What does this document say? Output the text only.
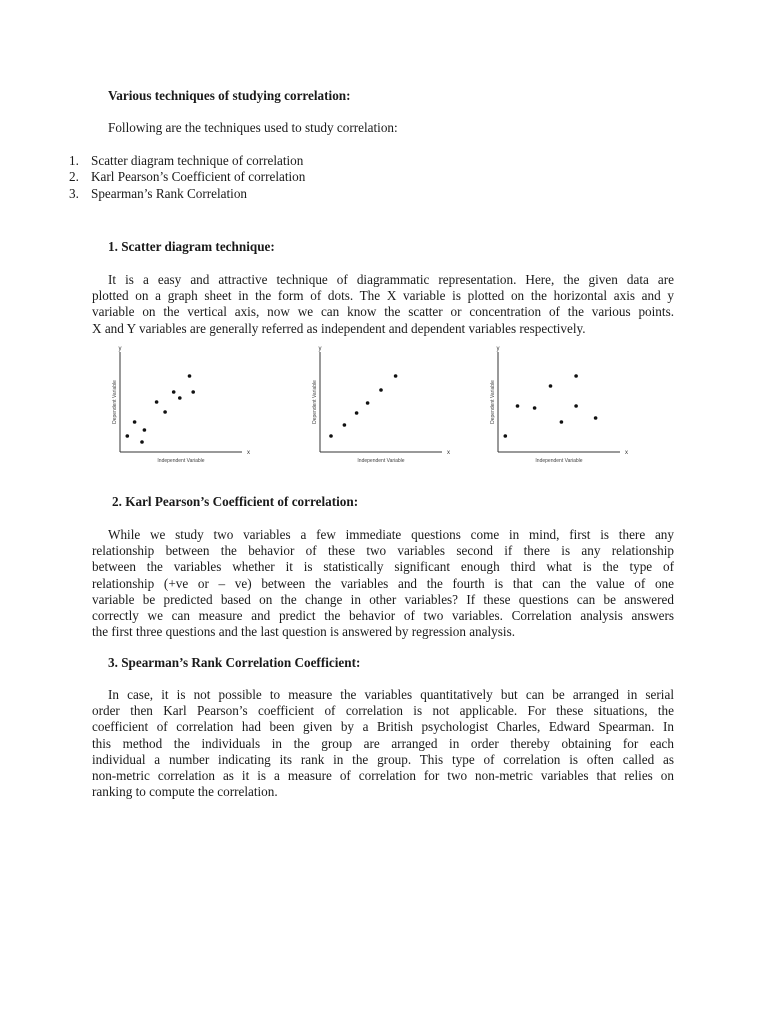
Various techniques of studying correlation:
Following are the techniques used to study correlation:
1. Scatter diagram technique of correlation
2. Karl Pearson’s Coefficient of correlation
3. Spearman’s Rank Correlation
1. Scatter diagram technique:
It is a easy and attractive technique of diagrammatic representation. Here, the given data are
plotted on a graph sheet in the form of dots. The X variable is plotted on the horizontal axis and y
variable on the vertical axis, now we can know the scatter or concentration of the various points.
X and Y variables are generally referred as independent and dependent variables respectively.
y
x
Independent Variable
Dependent Variable
y
x
Independent Variable
Dependent Variable
y
x
Independent Variable
Dependent Variable
2. Karl Pearson’s Coefficient of correlation:
While we study two variables a few immediate questions come in mind, first is there any
relationship between the behavior of these two variables second if there is any relationship
between the variables whether it is statistically significant enough third what is the type of
relationship (+ve or – ve) between the variables and the fourth is that can the value of one
variable be predicted based on the change in other variables? If these questions can be answered
correctly we can measure and predict the behavior of two variables. Correlation analysis answers
the first three questions and the last question is answered by regression analysis.
3. Spearman’s Rank Correlation Coefficient:
In case, it is not possible to measure the variables quantitatively but can be arranged in serial
order then Karl Pearson’s coefficient of correlation is not applicable. For these situations, the
coefficient of correlation had been given by a British psychologist Charles, Edward Spearman. In
this method the individuals in the group are arranged in order thereby obtaining for each
individual a number indicating its rank in the group. This type of correlation is often called as
non-metric correlation as it is a measure of correlation for two non-metric variables that relies on
ranking to compute the correlation.
